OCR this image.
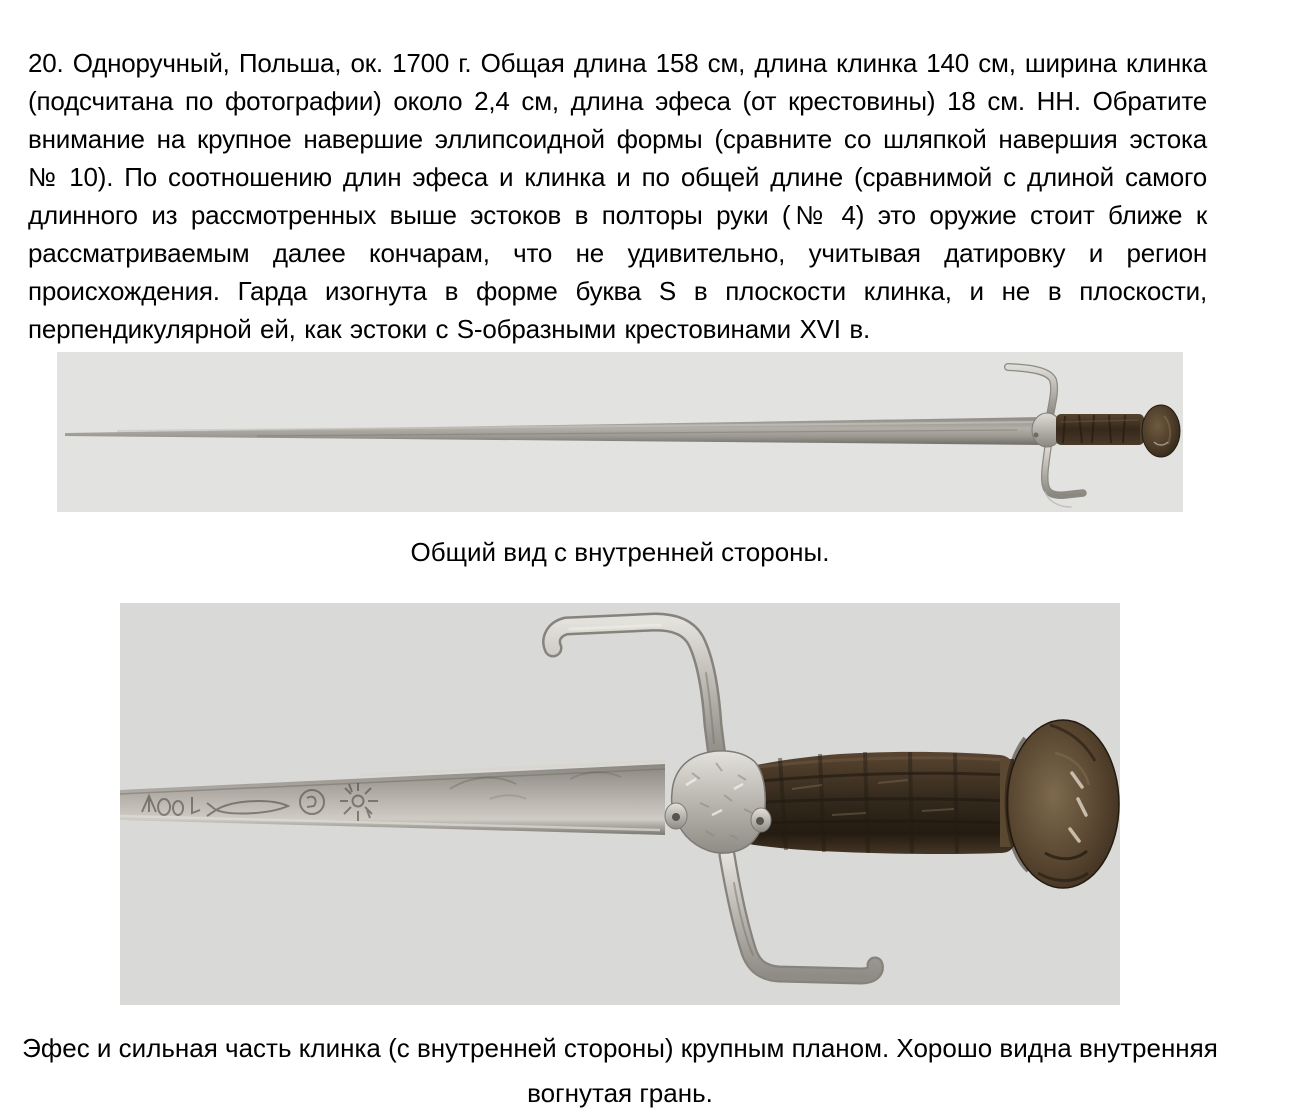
20. Одноручный, Польша, ок. 1700 г. Общая длина 158 см, длина клинка 140 см, ширина клинка (подсчитана по фотографии) около 2,4 см, длина эфеса (от крестовины) 18 см. НН. Обратите внимание на крупное навершие эллипсоидной формы (сравните со шляпкой навершия эстока № 10). По соотношению длин эфеса и клинка и по общей длине (сравнимой с длиной самого длинного из рассмотренных выше эстоков в полторы руки (№ 4) это оружие стоит ближе к рассматриваемым далее кончарам, что не удивительно, учитывая датировку и регион происхождения. Гарда изогнута в форме буква S в плоскости клинка, и не в плоскости, перпендикулярной ей, как эстоки с S-образными крестовинами XVI в.

Общий вид с внутренней стороны.
Эфес и сильная часть клинка (с внутренней стороны) крупным планом. Хорошо видна внутренняя вогнутая грань.
